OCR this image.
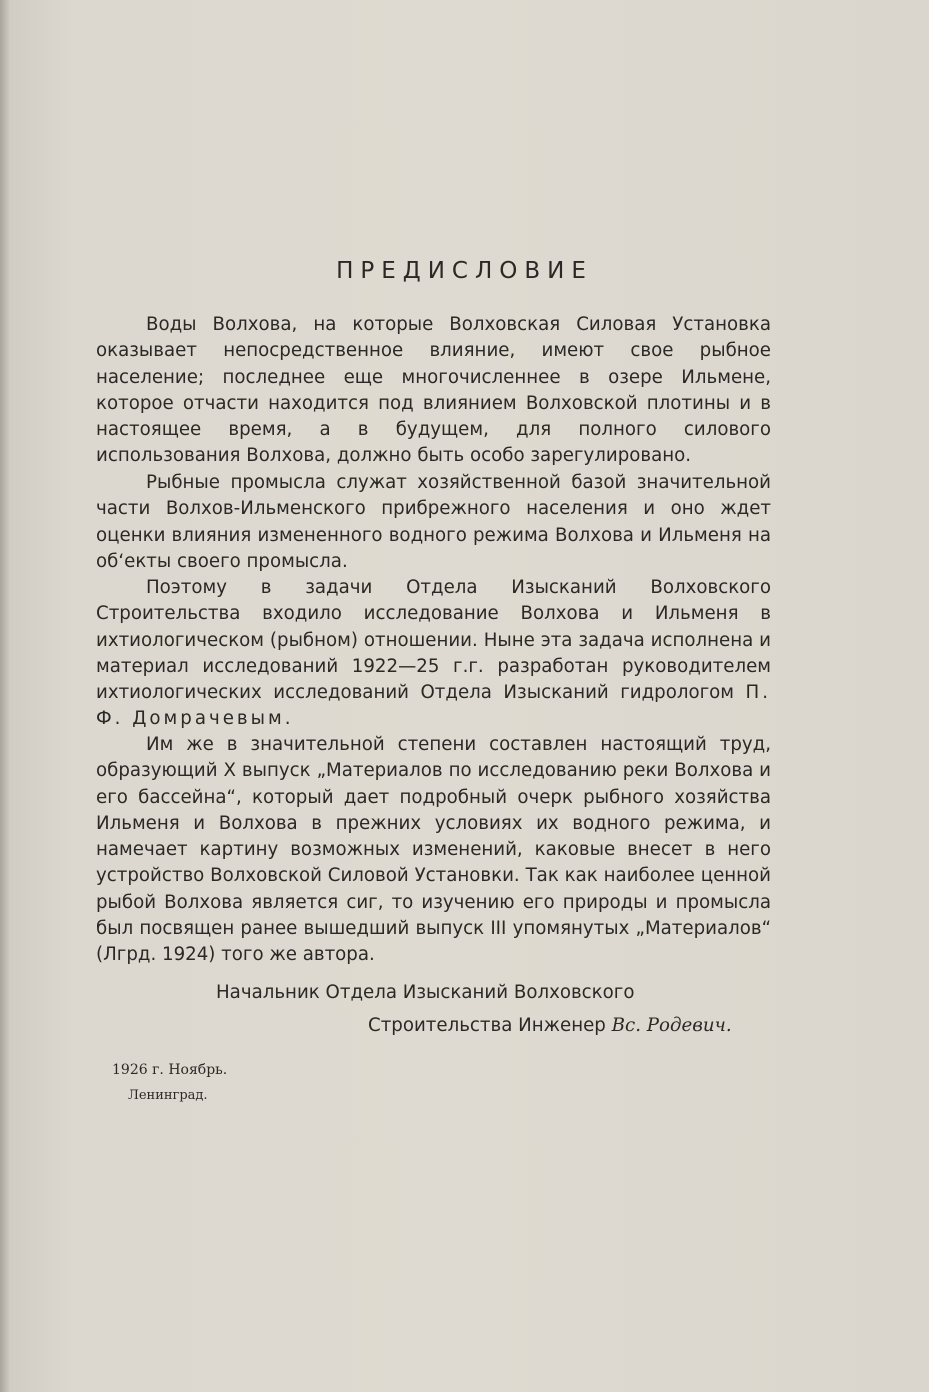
ПРЕДИСЛОВИЕ

Воды Волхова, на которые Волховская Силовая Установка оказывает непосредственное влияние, имеют свое рыбное население; последнее еще многочисленнее в озере Ильмене, которое отчасти находится под влиянием Волховской плотины и в настоящее время, а в будущем, для полного силового использования Волхова, должно быть особо зарегулировано.

Рыбные промысла служат хозяйственной базой значительной части Волхов-Ильменского прибрежного населения и оно ждет оценки влияния измененного водного режима Волхова и Ильменя на об‘екты своего промысла.

Поэтому в задачи Отдела Изысканий Волховского Строительства входило исследование Волхова и Ильменя в ихтиологическом (рыбном) отношении. Ныне эта задача исполнена и материал исследований 1922—25 г.г. разработан руководителем ихтиологических исследований Отдела Изысканий гидрологом П. Ф. Домрачевым.

Им же в значительной степени составлен настоящий труд, образующий X выпуск „Материалов по исследованию реки Волхова и его бассейна“, который дает подробный очерк рыбного хозяйства Ильменя и Волхова в прежних условиях их водного режима, и намечает картину возможных изменений, каковые внесет в него устройство Волховской Силовой Установки. Так как наиболее ценной рыбой Волхова является сиг, то изучению его природы и промысла был посвящен ранее вышедший выпуск III упомянутых „Материалов“ (Лгрд. 1924) того же автора.

Начальник Отдела Изысканий Волховского
Строительства Инженер Вс. Родевич.
1926 г. Ноябрь.
Ленинград.
